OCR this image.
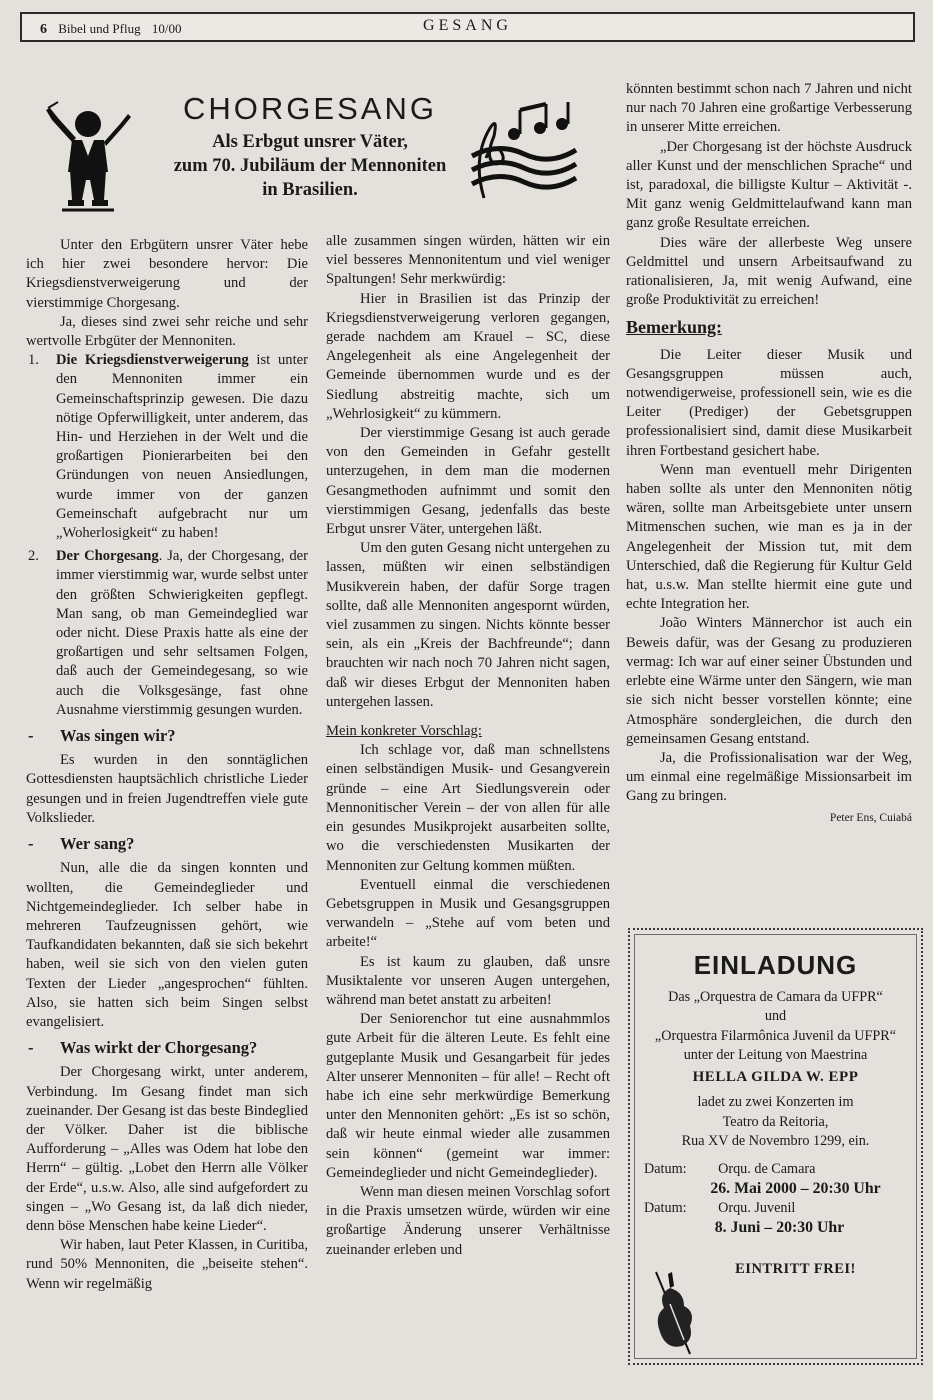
6 Bibel und Pflug 10/00	GESANG
CHORGESANG
Als Erbgut unsrer Väter,
zum 70. Jubiläum der Mennoniten
in Brasilien.

Unter den Erbgütern unsrer Väter hebe ich hier zwei besondere hervor: Die Kriegsdienstverweigerung und der vierstimmige Chorgesang.

Ja, dieses sind zwei sehr reiche und sehr wertvolle Erbgüter der Mennoniten.

1. Die Kriegsdienstverweigerung ist unter den Mennoniten immer ein Gemeinschaftsprinzip gewesen. Die dazu nötige Opferwilligkeit, unter anderem, das Hin- und Herziehen in der Welt und die großartigen Pionierarbeiten bei den Gründungen von neuen Ansiedlungen, wurde immer von der ganzen Gemeinschaft aufgebracht nur um „Woherlosigkeit“ zu haben!

2. Der Chorgesang. Ja, der Chorgesang, der immer vierstimmig war, wurde selbst unter den größten Schwierigkeiten gepflegt. Man sang, ob man Gemeindeglied war oder nicht. Diese Praxis hatte als eine der großartigen und sehr seltsamen Folgen, daß auch der Gemeindegesang, so wie auch die Volksgesänge, fast ohne Ausnahme vierstimmig gesungen wurden.

- Was singen wir?

Es wurden in den sonntäglichen Gottesdiensten hauptsächlich christliche Lieder gesungen und in freien Jugendtreffen viele gute Volkslieder.

- Wer sang?

Nun, alle die da singen konnten und wollten, die Gemeindeglieder und Nichtgemeindeglieder. Ich selber habe in mehreren Taufzeugnissen gehört, wie Taufkandidaten bekannten, daß sie sich bekehrt haben, weil sie sich von den vielen guten Texten der Lieder „angesprochen“ fühlten. Also, sie hatten sich beim Singen selbst evangelisiert.

- Was wirkt der Chorgesang?

Der Chorgesang wirkt, unter anderem, Verbindung. Im Gesang findet man sich zueinander. Der Gesang ist das beste Bindeglied der Völker. Daher ist die biblische Aufforderung – „Alles was Odem hat lobe den Herrn“ – gültig. „Lobet den Herrn alle Völker der Erde“, u.s.w. Also, alle sind aufgefordert zu singen – „Wo Gesang ist, da laß dich nieder, denn böse Menschen habe keine Lieder“.

Wir haben, laut Peter Klassen, in Curitiba, rund 50% Mennoniten, die „beiseite stehen“. Wenn wir regelmäßig

alle zusammen singen würden, hätten wir ein viel besseres Mennonitentum und viel weniger Spaltungen! Sehr merkwürdig:

Hier in Brasilien ist das Prinzip der Kriegsdienstverweigerung verloren gegangen, gerade nachdem am Krauel – SC, diese Angelegenheit als eine Angelegenheit der Gemeinde übernommen wurde und es der Siedlung abstreitig machte, sich um „Wehrlosigkeit“ zu kümmern.

Der vierstimmige Gesang ist auch gerade von den Gemeinden in Gefahr gestellt unterzugehen, in dem man die modernen Gesangmethoden aufnimmt und somit den vierstimmigen Gesang, jedenfalls das beste Erbgut unsrer Väter, untergehen läßt.

Um den guten Gesang nicht untergehen zu lassen, müßten wir einen selbständigen Musikverein haben, der dafür Sorge tragen sollte, daß alle Mennoniten angespornt würden, viel zusammen zu singen. Nichts könnte besser sein, als ein „Kreis der Bachfreunde“; dann brauchten wir nach noch 70 Jahren nicht sagen, daß wir dieses Erbgut der Mennoniten haben untergehen lassen.

Mein konkreter Vorschlag:

Ich schlage vor, daß man schnellstens einen selbständigen Musik- und Gesangverein gründe – eine Art Siedlungsverein oder Mennonitischer Verein – der von allen für alle ein gesundes Musikprojekt ausarbeiten sollte, wo die verschiedensten Musikarten der Mennoniten zur Geltung kommen müßten.

Eventuell einmal die verschiedenen Gebetsgruppen in Musik und Gesangsgruppen verwandeln – „Stehe auf vom beten und arbeite!“

Es ist kaum zu glauben, daß unsre Musiktalente vor unseren Augen untergehen, während man betet anstatt zu arbeiten!

Der Seniorenchor tut eine ausnahmmlos gute Arbeit für die älteren Leute. Es fehlt eine gutgeplante Musik und Gesangarbeit für jedes Alter unserer Mennoniten – für alle! – Recht oft habe ich eine sehr merkwürdige Bemerkung unter den Mennoniten gehört: „Es ist so schön, daß wir heute einmal wieder alle zusammen sein können“ (gemeint war immer: Gemeindeglieder und nicht Gemeindeglieder).

Wenn man diesen meinen Vorschlag sofort in die Praxis umsetzen würde, würden wir eine großartige Änderung unserer Verhältnisse zueinander erleben und

könnten bestimmt schon nach 7 Jahren und nicht nur nach 70 Jahren eine großartige Verbesserung in unserer Mitte erreichen.

„Der Chorgesang ist der höchste Ausdruck aller Kunst und der menschlichen Sprache“ und ist, paradoxal, die billigste Kultur – Aktivität -. Mit ganz wenig Geldmittelaufwand kann man ganz große Resultate erreichen.

Dies wäre der allerbeste Weg unsere Geldmittel und unsern Arbeitsaufwand zu rationalisieren, Ja, mit wenig Aufwand, eine große Produktivität zu erreichen!

Bemerkung:

Die Leiter dieser Musik und Gesangsgruppen müssen auch, notwendigerweise, professionell sein, wie es die Leiter (Prediger) der Gebetsgruppen professionalisiert sind, damit diese Musikarbeit ihren Fortbestand gesichert habe.

Wenn man eventuell mehr Dirigenten haben sollte als unter den Mennoniten nötig wären, sollte man Arbeitsgebiete unter unsern Mitmenschen suchen, wie man es ja in der Angelegenheit der Mission tut, mit dem Unterschied, daß die Regierung für Kultur Geld hat, u.s.w. Man stellte hiermit eine gute und echte Integration her.

João Winters Männerchor ist auch ein Beweis dafür, was der Gesang zu produzieren vermag: Ich war auf einer seiner Übstunden und erlebte eine Wärme unter den Sängern, wie man sie sich nicht besser vorstellen könnte; eine Atmosphäre sondergleichen, die durch den gemeinsamen Gesang entstand.

Ja, die Profissionalisation war der Weg, um einmal eine regelmäßige Missionsarbeit im Gang zu bringen.

Peter Ens, Cuiabá
EINLADUNG
Das „Orquestra de Camara da UFPR“
und
„Orquestra Filarmônica Juvenil da UFPR“
unter der Leitung von Maestrina
HELLA GILDA W. EPP
ladet zu zwei Konzerten im
Teatro da Reitoria,
Rua XV de Novembro 1299, ein.
Datum: Orqu. de Camara
26. Mai 2000 – 20:30 Uhr
Datum: Orqu. Juvenil
8. Juni – 20:30 Uhr
EINTRITT FREI!
